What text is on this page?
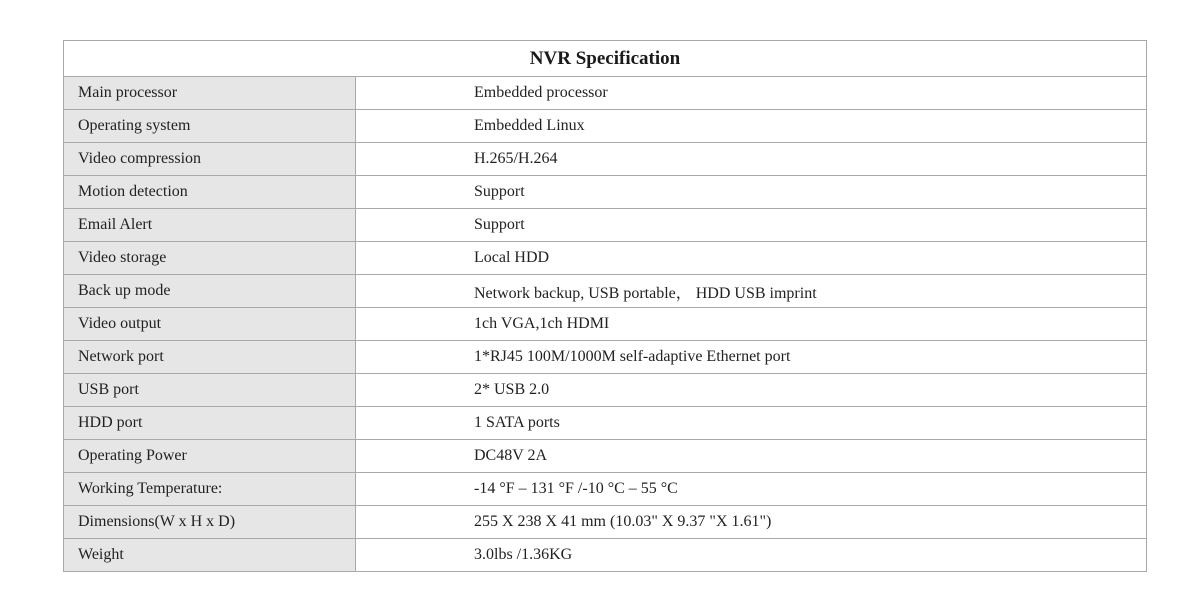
NVR Specification	
Main processor	Embedded processor
Operating system	Embedded Linux
Video compression	H.265/H.264
Motion detection	Support
Email Alert	Support
Video storage	Local HDD
Back up mode	Network backup, USB portable， HDD USB imprint
Video output	1ch VGA,1ch HDMI
Network port	1*RJ45 100M/1000M self-adaptive Ethernet port
USB port	2* USB 2.0
HDD port	1 SATA ports
Operating Power	DC48V 2A
Working Temperature:	-14 °F – 131 °F /-10 °C – 55 °C
Dimensions(W x H x D)	255 X 238 X 41 mm (10.03" X 9.37 "X 1.61")
Weight	3.0lbs /1.36KG
